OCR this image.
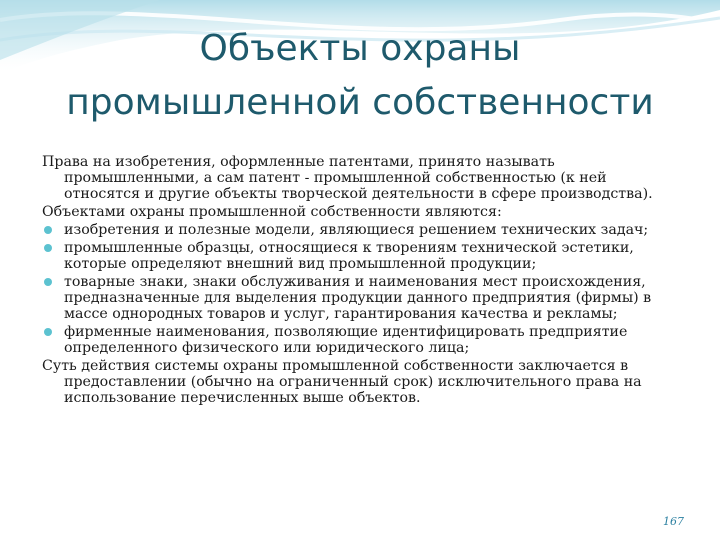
Объекты охраны
промышленной собственности

Права на изобретения, оформленные патентами, принято называть промышленными, а сам патент - промышленной собственностью (к ней относятся и другие объекты творческой деятельности в сфере производства).

Объектами охраны промышленной собственности являются:

изобретения и полезные модели, являющиеся решением технических задач;
промышленные образцы, относящиеся к творениям технической эстетики, которые определяют внешний вид промышленной продукции;
товарные знаки, знаки обслуживания и наименования мест происхождения, предназначенные для выделения продукции данного предприятия (фирмы) в массе однородных товаров и услуг, гарантирования качества и рекламы;
фирменные наименования, позволяющие идентифицировать предприятие определенного физического или юридического лица;

Суть действия системы охраны промышленной собственности заключается в предоставлении (обычно на ограниченный срок) исключительного права на использование перечисленных выше объектов.

167
